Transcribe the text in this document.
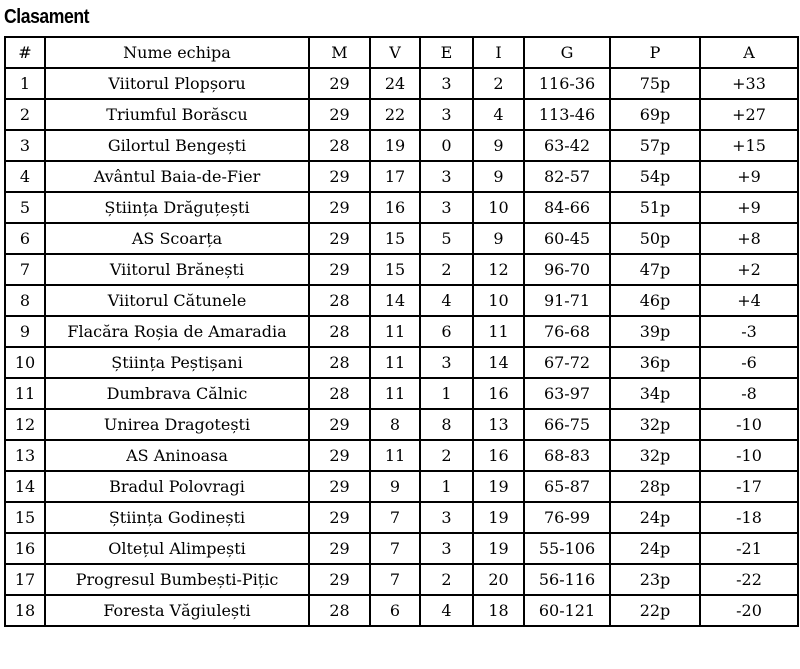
Clasament
#	Nume echipa	M	V	E	I	G	P	A
1	Viitorul Plopșoru	29	24	3	2	116-36	75p	+33
2	Triumful Borăscu	29	22	3	4	113-46	69p	+27
3	Gilortul Bengești	28	19	0	9	63-42	57p	+15
4	Avântul Baia-de-Fier	29	17	3	9	82-57	54p	+9
5	Știința Drăguțești	29	16	3	10	84-66	51p	+9
6	AS Scoarța	29	15	5	9	60-45	50p	+8
7	Viitorul Brănești	29	15	2	12	96-70	47p	+2
8	Viitorul Cătunele	28	14	4	10	91-71	46p	+4
9	Flacăra Roșia de Amaradia	28	11	6	11	76-68	39p	-3
10	Știința Peștișani	28	11	3	14	67-72	36p	-6
11	Dumbrava Călnic	28	11	1	16	63-97	34p	-8
12	Unirea Dragotești	29	8	8	13	66-75	32p	-10
13	AS Aninoasa	29	11	2	16	68-83	32p	-10
14	Bradul Polovragi	29	9	1	19	65-87	28p	-17
15	Știința Godinești	29	7	3	19	76-99	24p	-18
16	Oltețul Alimpești	29	7	3	19	55-106	24p	-21
17	Progresul Bumbești-Pițic	29	7	2	20	56-116	23p	-22
18	Foresta Văgiulești	28	6	4	18	60-121	22p	-20
